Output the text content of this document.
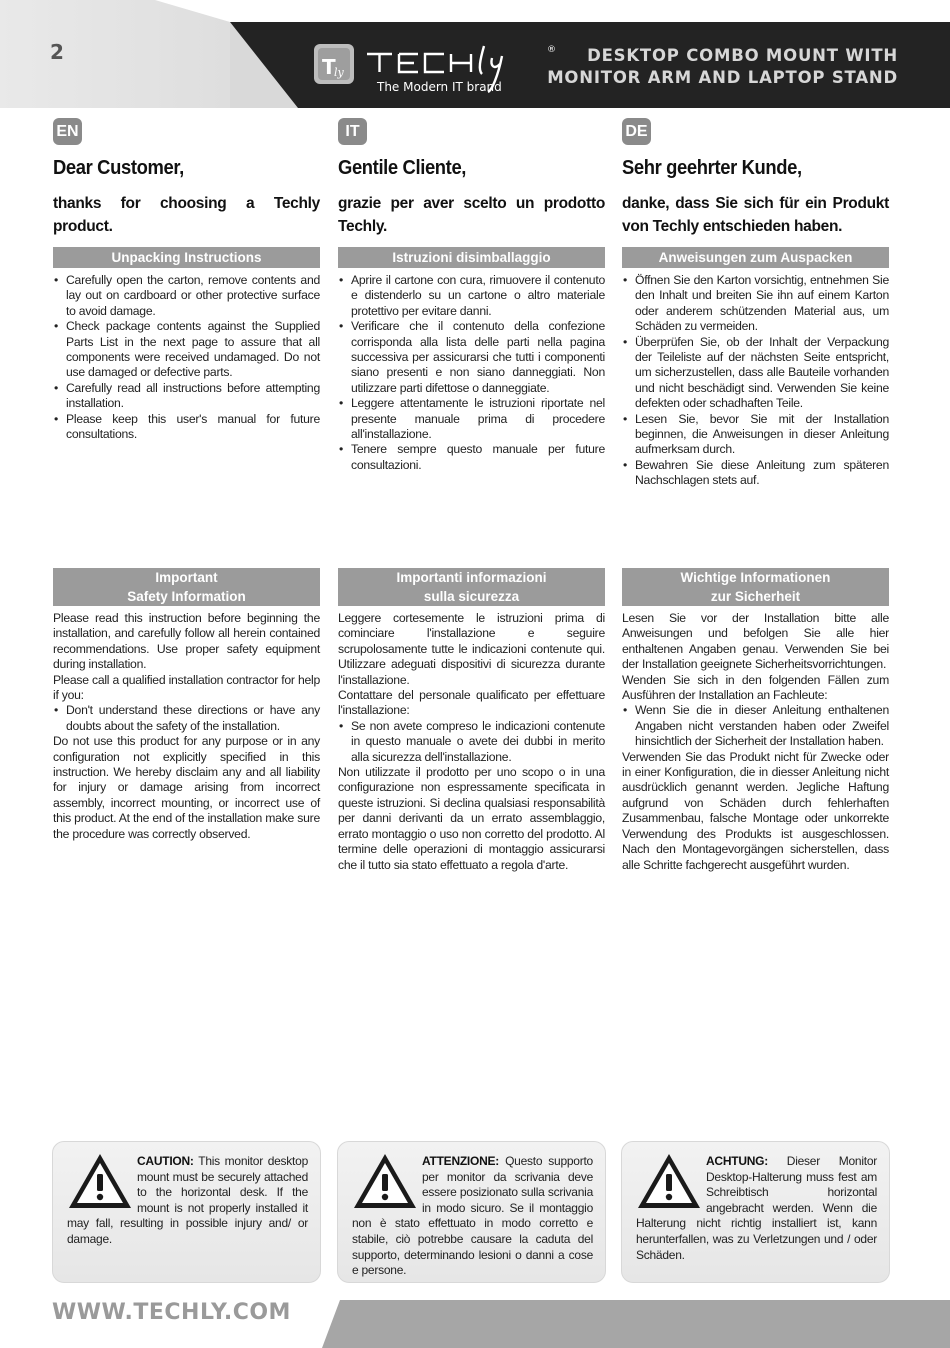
2
T
ly
®
The Modern IT brand
DESKTOP COMBO MOUNT WITH
MONITOR ARM AND LAPTOP STAND
EN
Dear Customer,
thanks for choosing a Techly product.
Unpacking Instructions
• Carefully open the carton, remove contents and lay out on cardboard or other protective surface to avoid damage.
• Check package contents against the Supplied Parts List in the next page to assure that all components were received undamaged. Do not use damaged or defective parts.
• Carefully read all instructions before attempting installation.
• Please keep this user's manual for future consultations.
Important
Safety Information

Please read this instruction before beginning the installation, and carefully follow all herein contained recommendations. Use proper safety equipment during installation.

Please call a qualified installation contractor for help if you:

• Don't understand these directions or have any doubts about the safety of the installation.

Do not use this product for any purpose or in any configuration not explicitly specified in this instruction. We hereby disclaim any and all liability for injury or damage arising from incorrect assembly, incorrect mounting, or incorrect use of this product. At the end of the installation make sure the procedure was correctly observed.

IT
Gentile Cliente,
grazie per aver scelto un prodotto Techly.
Istruzioni disimballaggio
• Aprire il cartone con cura, rimuovere il contenuto e distenderlo su un cartone o altro materiale protettivo per evitare danni.
• Verificare che il contenuto della confezione corrisponda alla lista delle parti nella pagina successiva per assicurarsi che tutti i componenti siano presenti e non siano danneggiati. Non utilizzare parti difettose o danneggiate.
• Leggere attentamente le istruzioni riportate nel presente manuale prima di procedere all'installazione.
• Tenere sempre questo manuale per future consultazioni.
Importanti informazioni
sulla sicurezza

Leggere cortesemente le istruzioni prima di cominciare l'installazione e seguire scrupolosamente tutte le indicazioni contenute qui. Utilizzare adeguati dispositivi di sicurezza durante l'installazione.

Contattare del personale qualificato per effettuare l'installazione:

• Se non avete compreso le indicazioni contenute in questo manuale o avete dei dubbi in merito alla sicurezza dell'installazione.

Non utilizzate il prodotto per uno scopo o in una configurazione non espressamente specificata in queste istruzioni. Si declina qualsiasi responsabilità per danni derivanti da un errato assemblaggio, errato montaggio o uso non corretto del prodotto. Al termine delle operazioni di montaggio assicurarsi che il tutto sia stato effettuato a regola d'arte.

DE
Sehr geehrter Kunde,
danke, dass Sie sich für ein Produkt von Techly entschieden haben.
Anweisungen zum Auspacken
• Öffnen Sie den Karton vorsichtig, entnehmen Sie den Inhalt und breiten Sie ihn auf einem Karton oder anderem schützenden Material aus, um Schäden zu vermeiden.
• Überprüfen Sie, ob der Inhalt der Verpackung der Teileliste auf der nächsten Seite entspricht, um sicherzustellen, dass alle Bauteile vorhanden und nicht beschädigt sind. Verwenden Sie keine defekten oder schadhaften Teile.
• Lesen Sie, bevor Sie mit der Installation beginnen, die Anweisungen in dieser Anleitung aufmerksam durch.
• Bewahren Sie diese Anleitung zum späteren Nachschlagen stets auf.
Wichtige Informationen
zur Sicherheit

Lesen Sie vor der Installation bitte alle Anweisungen und befolgen Sie alle hier enthaltenen Angaben genau. Verwenden Sie bei der Installation geeignete Sicherheitsvorrichtungen.

Wenden Sie sich in den folgenden Fällen zum Ausführen der Installation an Fachleute:

• Wenn Sie die in dieser Anleitung enthaltenen Angaben nicht verstanden haben oder Zweifel hinsichtlich der Sicherheit der Installation haben.

Verwenden Sie das Produkt nicht für Zwecke oder in einer Konfiguration, die in diesser Anleitung nicht ausdrücklich genannt werden. Jegliche Haftung aufgrund von Schäden durch fehlerhaften Zusammenbau, falsche Montage oder unkorrekte Verwendung des Produkts ist ausgeschlossen. Nach den Montagevorgängen sicherstellen, dass alle Schritte fachgerecht ausgeführt wurden.

CAUTION: This monitor desktop mount must be securely attached to the horizontal desk. If the mount is not properly installed it may fall, resulting in possible injury and/ or damage.
ATTENZIONE: Questo supporto per monitor da scrivania deve essere posizionato sulla scrivania in modo sicuro. Se il montaggio non è stato effettuato in modo corretto e stabile, ciò potrebbe causare la caduta del supporto, determinando lesioni o danni a cose e persone.
ACHTUNG: Dieser Monitor Desktop-Halterung muss fest am Schreibtisch horizontal angebracht werden. Wenn die Halterung nicht richtig installiert ist, kann herunterfallen, was zu Verletzungen und / oder Schäden.
WWW.TECHLY.COM
